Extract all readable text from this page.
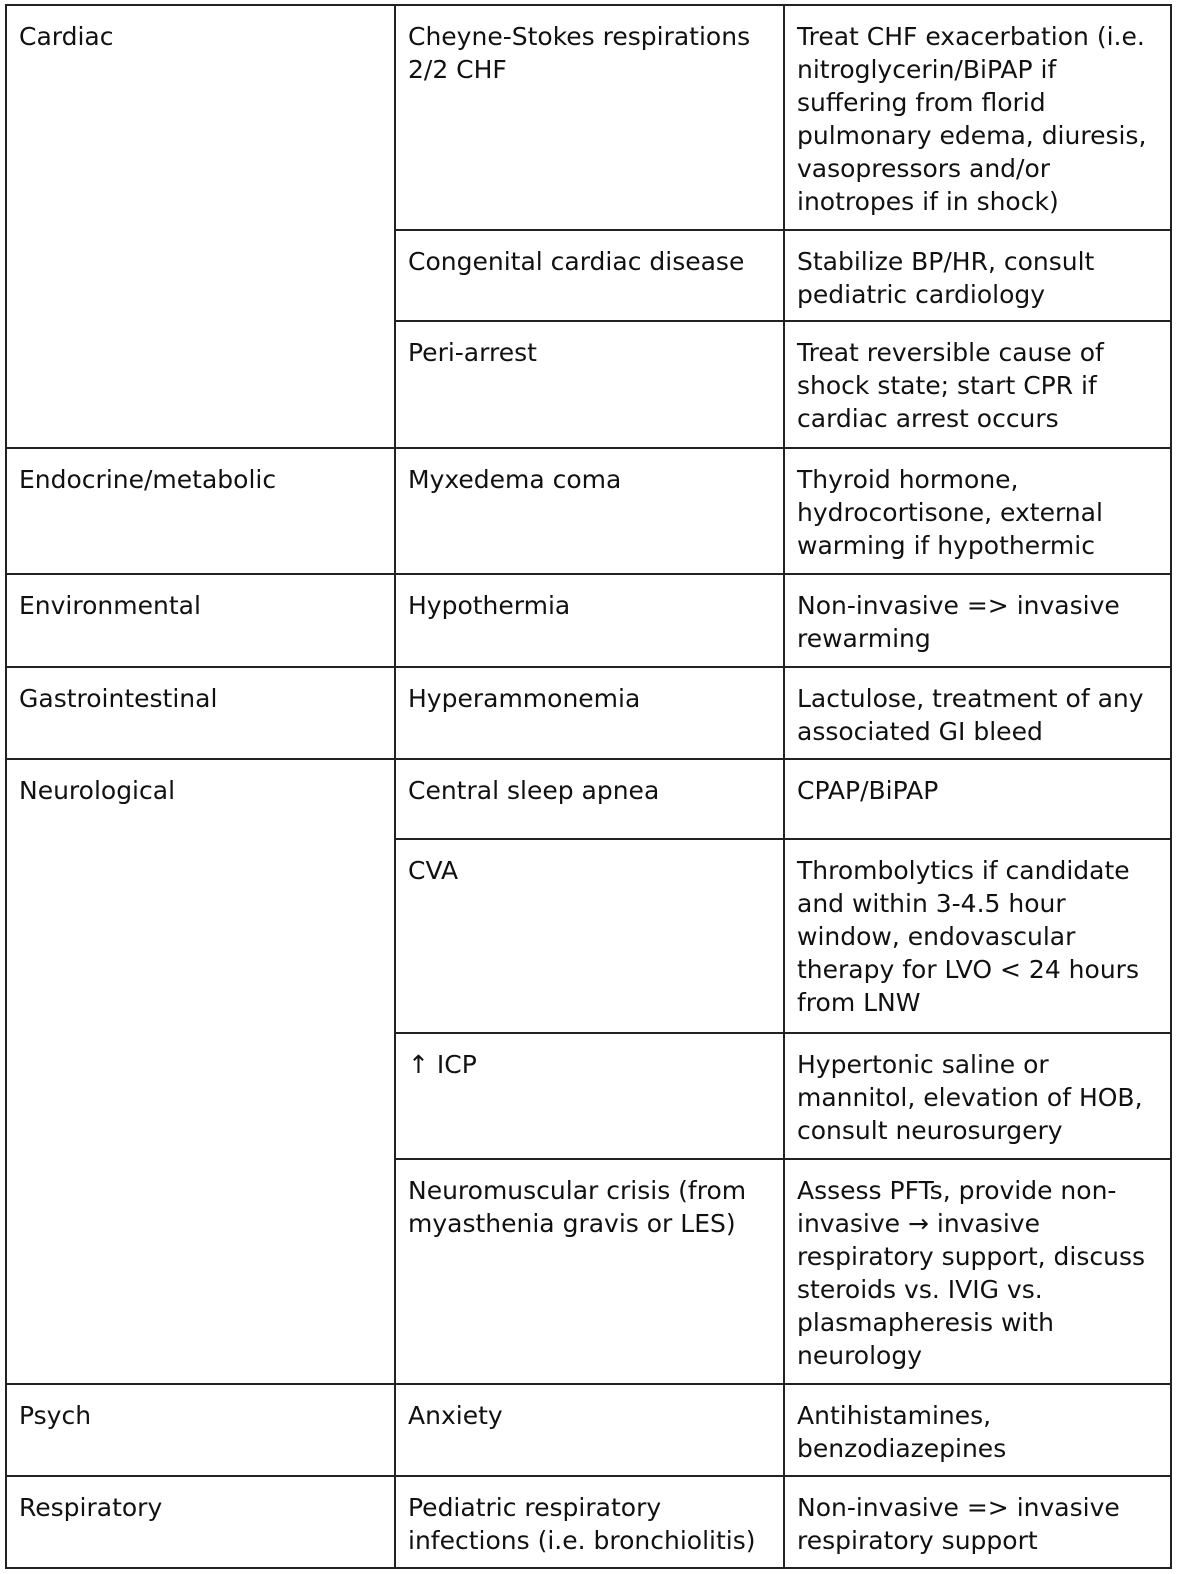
Cardiac	Cheyne-Stokes respirations 2/2 CHF	Treat CHF exacerbation (i.e. nitroglycerin/BiPAP if suffering from florid pulmonary edema, diuresis, vasopressors and/or inotropes if in shock)
	Congenital cardiac disease	Stabilize BP/HR, consult pediatric cardiology
	Peri-arrest	Treat reversible cause of shock state; start CPR if cardiac arrest occurs
Endocrine/metabolic	Myxedema coma	Thyroid hormone, hydrocortisone, external warming if hypothermic
Environmental	Hypothermia	Non-invasive => invasive rewarming
Gastrointestinal	Hyperammonemia	Lactulose, treatment of any associated GI bleed
Neurological	Central sleep apnea	CPAP/BiPAP
	CVA	Thrombolytics if candidate and within 3-4.5 hour window, endovascular therapy for LVO < 24 hours from LNW
	↑ ICP	Hypertonic saline or mannitol, elevation of HOB, consult neurosurgery
	Neuromuscular crisis (from myasthenia gravis or LES)	Assess PFTs, provide non-invasive → invasive respiratory support, discuss steroids vs. IVIG vs. plasmapheresis with neurology
Psych	Anxiety	Antihistamines, benzodiazepines
Respiratory	Pediatric respiratory infections (i.e. bronchiolitis)	Non-invasive => invasive respiratory support
